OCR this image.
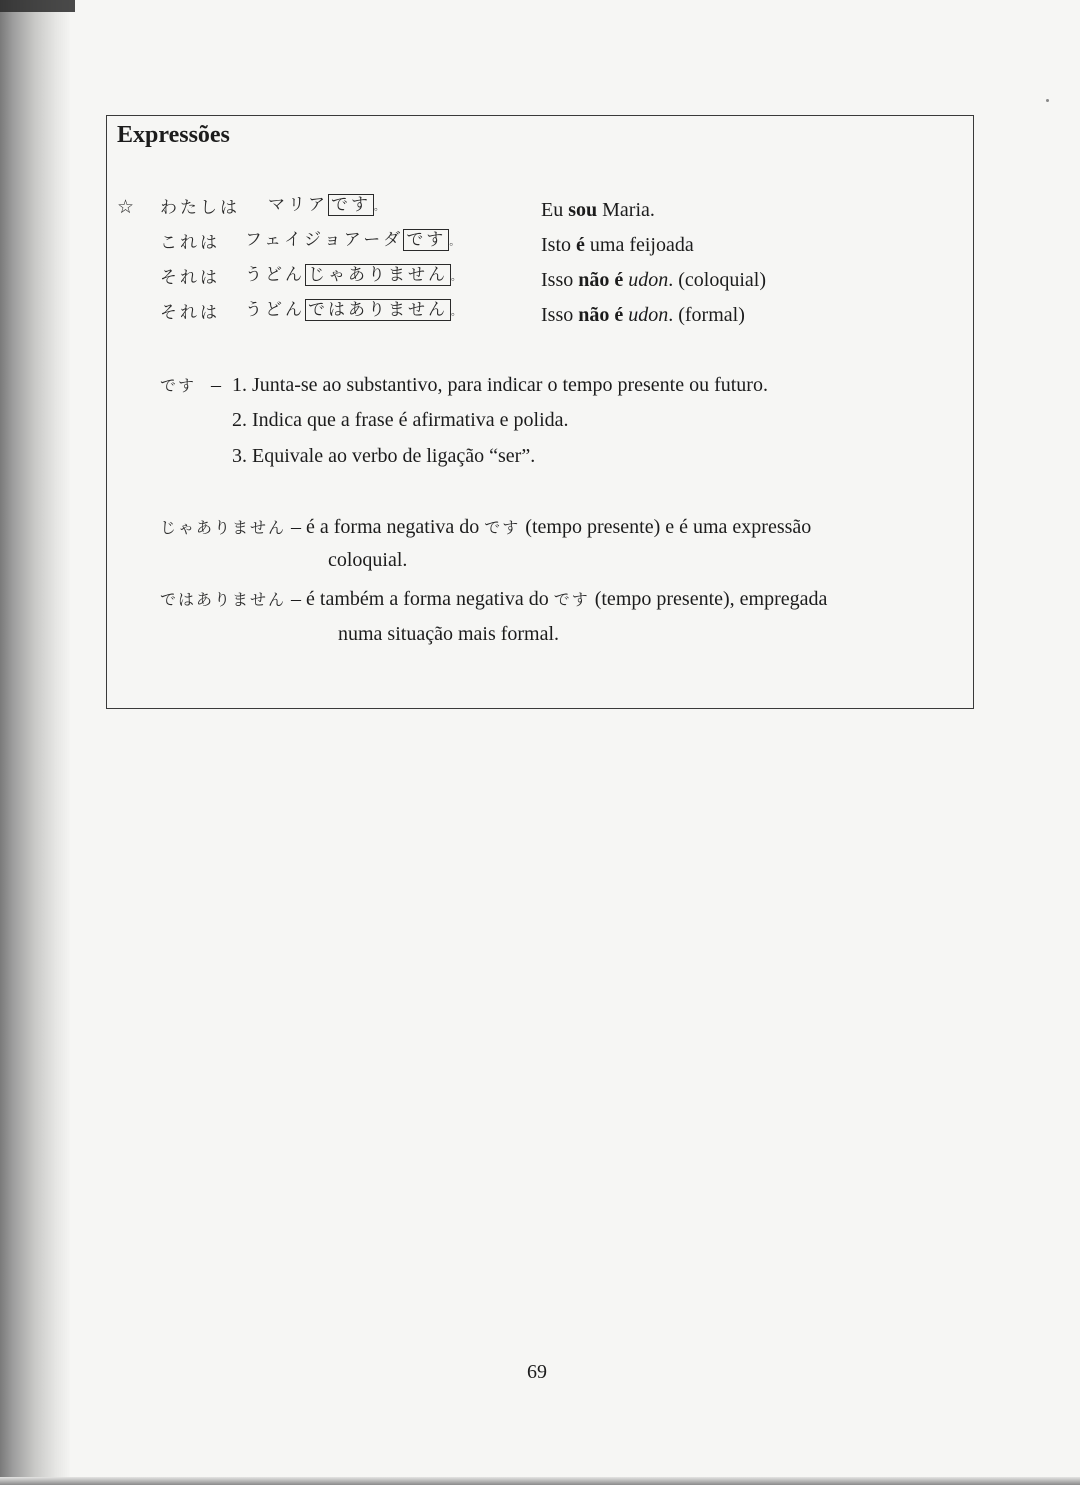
Expressões
☆ わたしは マリア です 。	Eu sou Maria.
これは フェイジョアーダ です 。	Isto é uma feijoada
それは うどん じゃありません 。	Isso não é udon. (coloquial)
それは うどん ではありません 。	Isso não é udon. (formal)
です – 1. Junta-se ao substantivo, para indicar o tempo presente ou futuro.
2. Indica que a frase é afirmativa e polida.
3. Equivale ao verbo de ligação “ser”.
じゃありません – é a forma negativa do です (tempo presente) e é uma expressão
coloquial.
ではありません – é também a forma negativa do です (tempo presente), empregada
numa situação mais formal.
69
